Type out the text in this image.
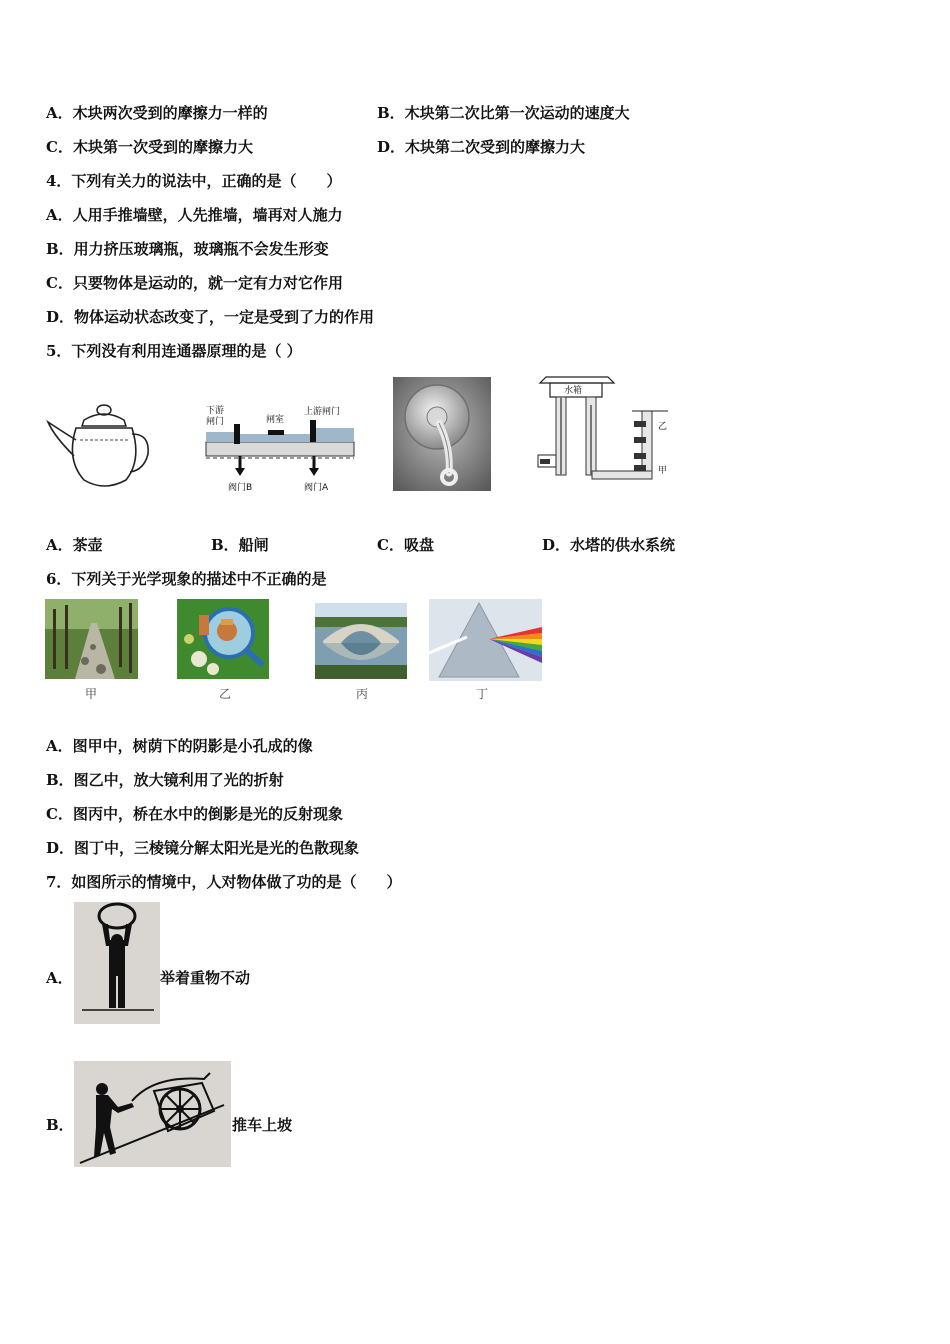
A．木块两次受到的摩擦力一样的	B．木块第二次比第一次运动的速度大
C．木块第一次受到的摩擦力大	D．木块第二次受到的摩擦力大
4．下列有关力的说法中，正确的是（　　）
A．人用手推墙壁，人先推墙，墙再对人施力
B．用力挤压玻璃瓶，玻璃瓶不会发生形变
C．只要物体是运动的，就一定有力对它作用
D．物体运动状态改变了，一定是受到了力的作用
5．下列没有利用连通器原理的是（ ）
下游
闸门	闸室
上游闸门
阀门B	阀门A
水箱
乙
甲
A．茶壶	B．船闸	C．吸盘	D．水塔的供水系统
6．下列关于光学现象的描述中不正确的是
甲	乙	丙	丁
A．图甲中，树荫下的阴影是小孔成的像
B．图乙中，放大镜利用了光的折射
C．图丙中，桥在水中的倒影是光的反射现象
D．图丁中，三棱镜分解太阳光是光的色散现象
7．如图所示的情境中，人对物体做了功的是（　　）
A．	举着重物不动
B．	推车上坡
